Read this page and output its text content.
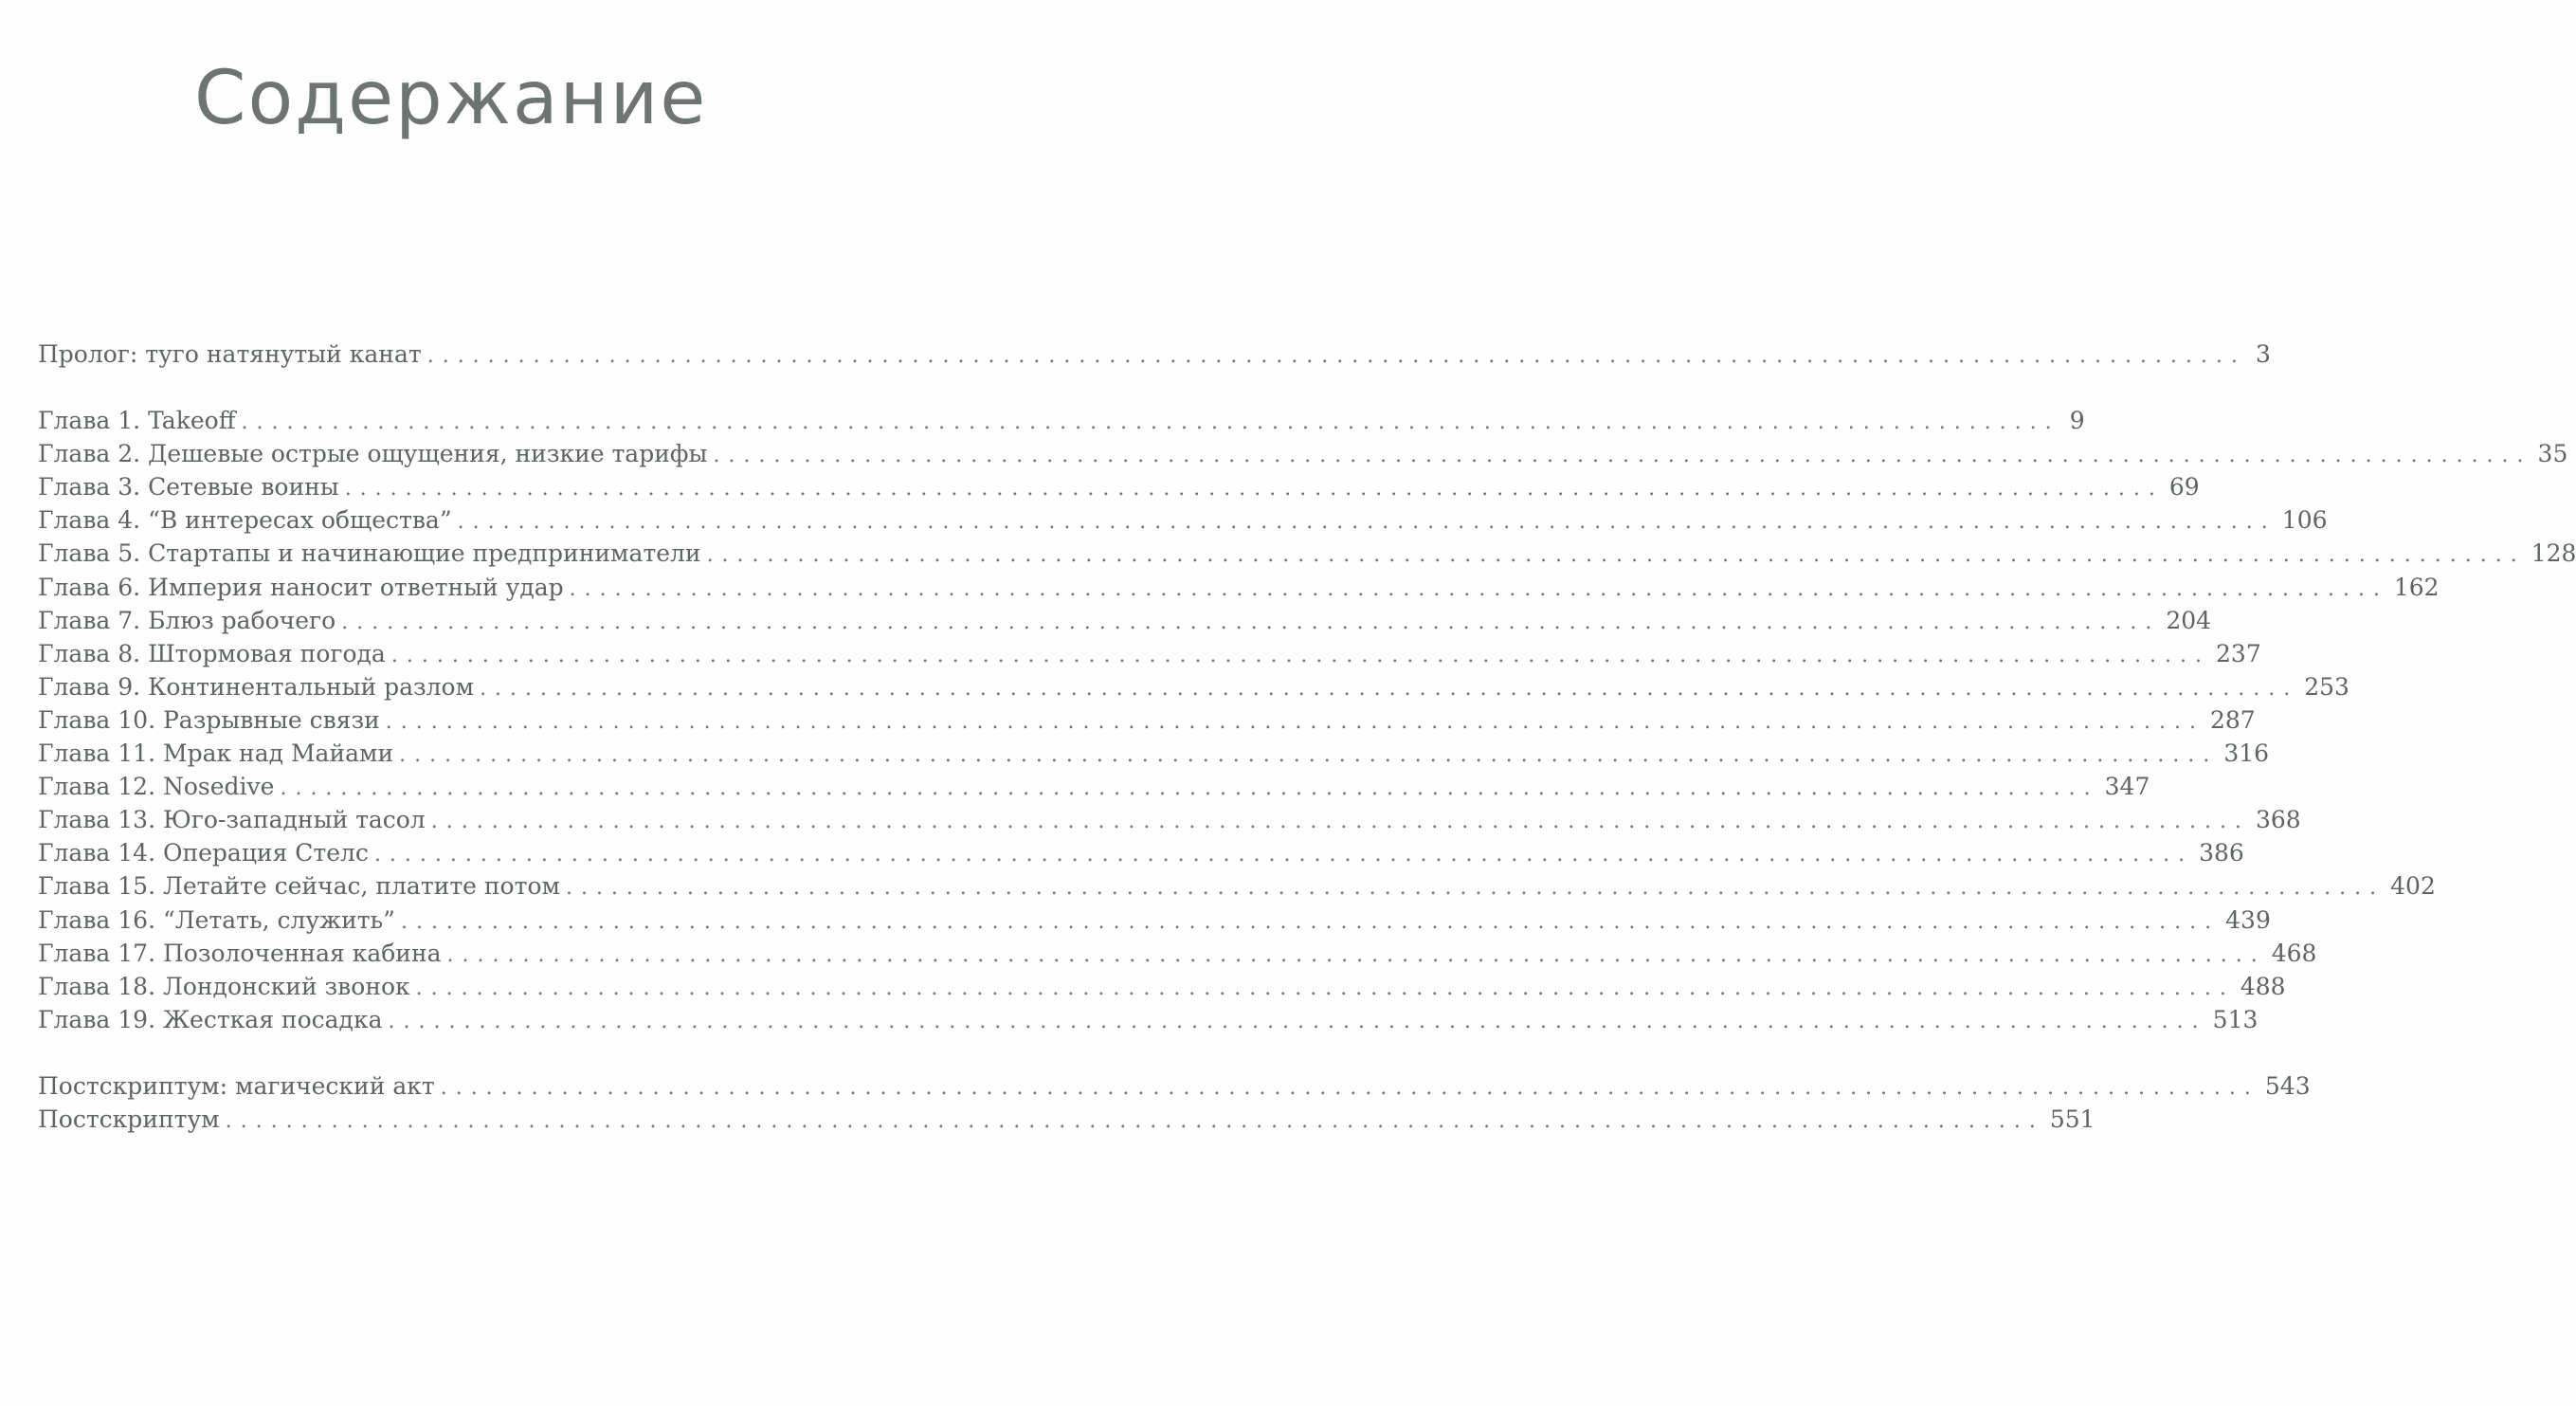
Содержание
Пролог: туго натянутый канат ........................................................................................................................ 3
Глава 1. Takeoff ........................................................................................................................ 9
Глава 2. Дешевые острые ощущения, низкие тарифы ........................................................................................................................ 35
Глава 3. Сетевые воины ........................................................................................................................ 69
Глава 4. “В интересах общества” ........................................................................................................................ 106
Глава 5. Стартапы и начинающие предприниматели ........................................................................................................................ 128
Глава 6. Империя наносит ответный удар ........................................................................................................................ 162
Глава 7. Блюз рабочего ........................................................................................................................ 204
Глава 8. Штормовая погода ........................................................................................................................ 237
Глава 9. Континентальный разлом ........................................................................................................................ 253
Глава 10. Разрывные связи ........................................................................................................................ 287
Глава 11. Мрак над Майами ........................................................................................................................ 316
Глава 12. Nosedive ........................................................................................................................ 347
Глава 13. Юго-западный тасол ........................................................................................................................ 368
Глава 14. Операция Стелс ........................................................................................................................ 386
Глава 15. Летайте сейчас, платите потом ........................................................................................................................ 402
Глава 16. “Летать, служить” ........................................................................................................................ 439
Глава 17. Позолоченная кабина ........................................................................................................................ 468
Глава 18. Лондонский звонок ........................................................................................................................ 488
Глава 19. Жесткая посадка ........................................................................................................................ 513
Постскриптум: магический акт ........................................................................................................................ 543
Постскриптум ........................................................................................................................ 551
